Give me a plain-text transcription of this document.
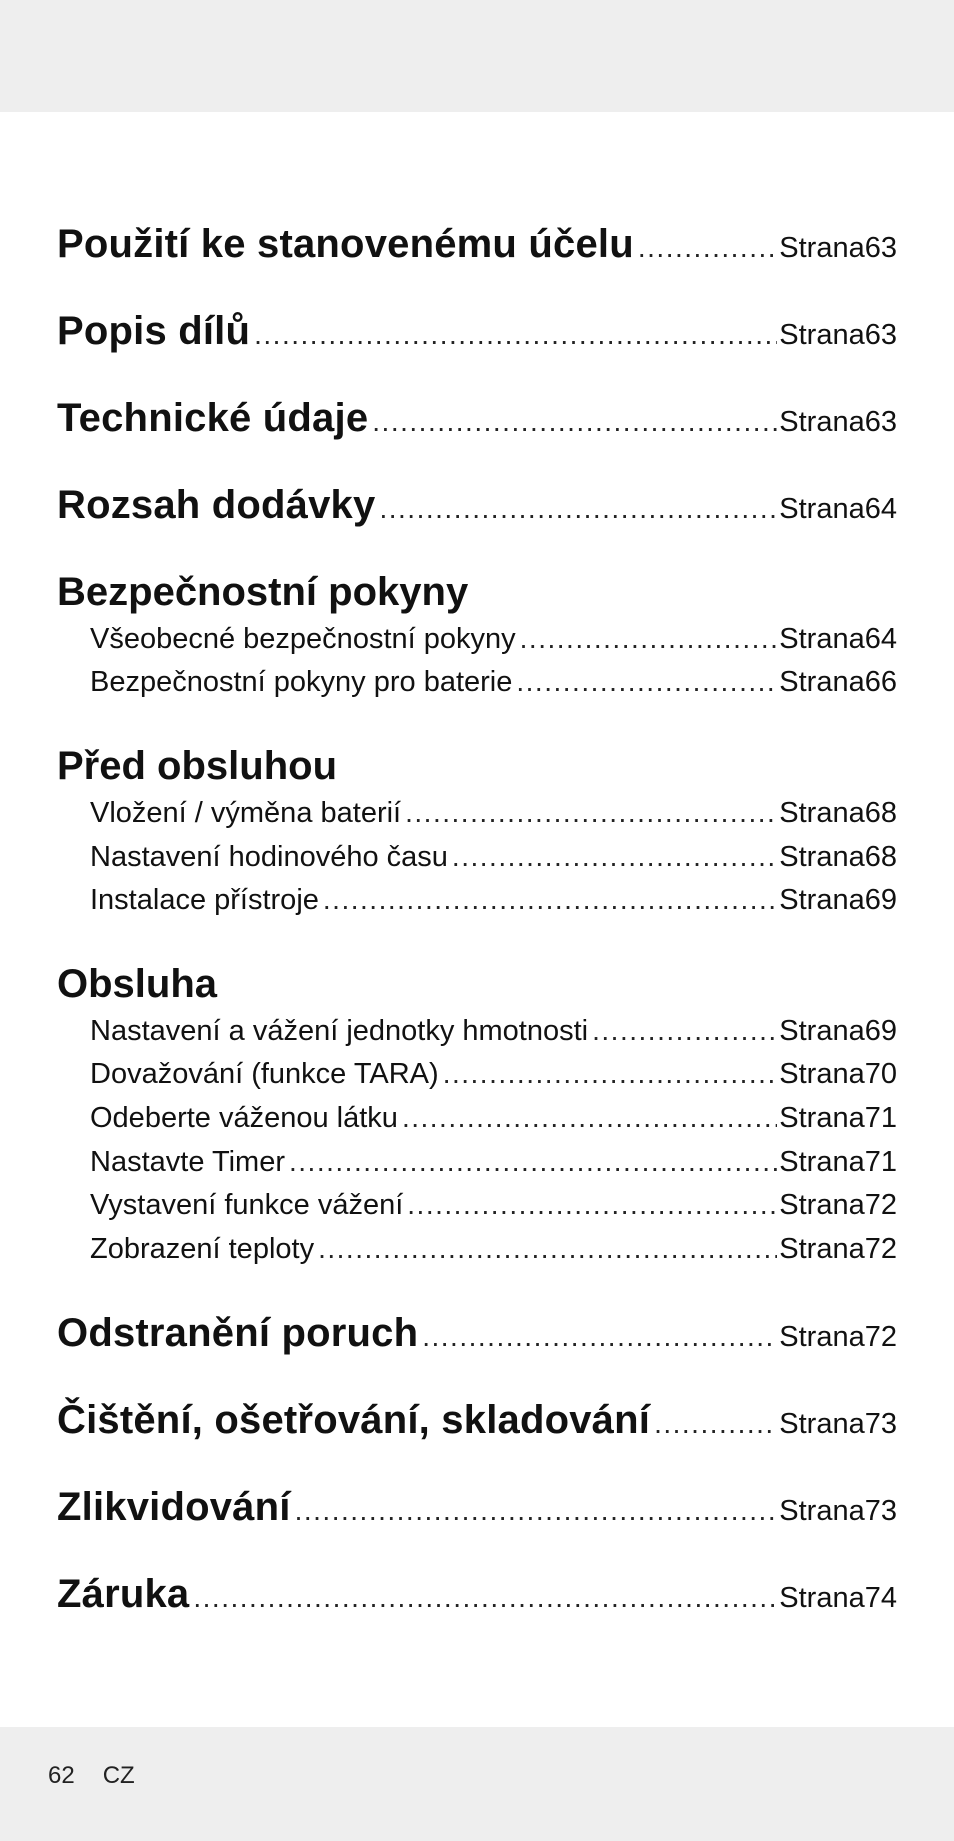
Použití ke stanovenému účelu .....	Strana 63
Popis dílů .....	Strana 63
Technické údaje .....	Strana 63
Rozsah dodávky .....	Strana 64
Bezpečnostní pokyny
Všeobecné bezpečnostní pokyny .....	Strana 64
Bezpečnostní pokyny pro baterie .....	Strana 66
Před obsluhou
Vložení / výměna baterií .....	Strana 68
Nastavení hodinového času .....	Strana 68
Instalace přístroje .....	Strana 69
Obsluha
Nastavení a vážení jednotky hmotnosti .....	Strana 69
Dovažování (funkce TARA) .....	Strana 70
Odeberte váženou látku .....	Strana 71
Nastavte Timer .....	Strana 71
Vystavení funkce vážení .....	Strana 72
Zobrazení teploty .....	Strana 72
Odstranění poruch .....	Strana 72
Čištění, ošetřování, skladování .....	Strana 73
Zlikvidování .....	Strana 73
Záruka .....	Strana 74
62 CZ
